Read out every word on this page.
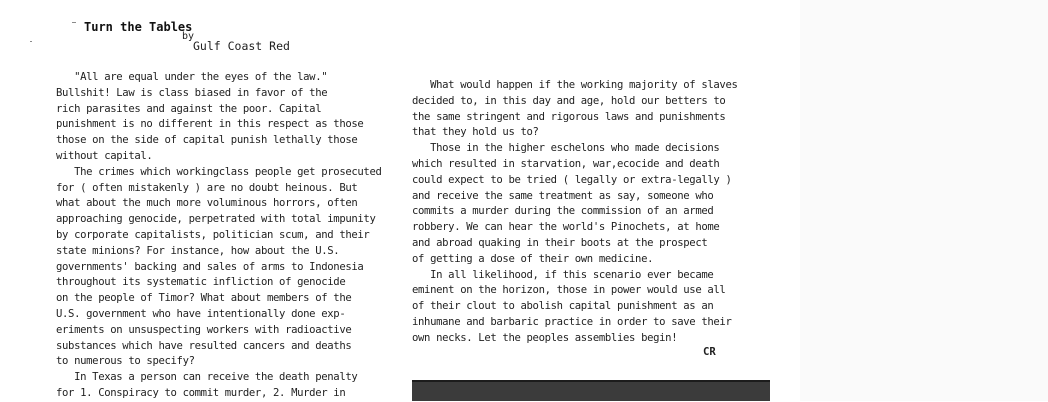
Turn the Tables
by
Gulf Coast Red
"All are equal under the eyes of the law."
Bullshit! Law is class biased in favor of the
rich parasites and against the poor. Capital
punishment is no different in this respect as those
those on the side of capital punish lethally those
without capital.
The crimes which workingclass people get prosecuted
for ( often mistakenly ) are no doubt heinous. But
what about the much more voluminous horrors, often
approaching genocide, perpetrated with total impunity
by corporate capitalists, politician scum, and their
state minions? For instance, how about the U.S.
governments' backing and sales of arms to Indonesia
throughout its systematic infliction of genocide
on the people of Timor? What about members of the
U.S. government who have intentionally done exp-
eriments on unsuspecting workers with radioactive
substances which have resulted cancers and deaths
to numerous to specify?
In Texas a person can receive the death penalty
for 1. Conspiracy to commit murder, 2. Murder in
What would happen if the working majority of slaves
decided to, in this day and age, hold our betters to
the same stringent and rigorous laws and punishments
that they hold us to?
Those in the higher eschelons who made decisions
which resulted in starvation, war,ecocide and death
could expect to be tried ( legally or extra-legally )
and receive the same treatment as say, someone who
commits a murder during the commission of an armed
robbery. We can hear the world's Pinochets, at home
and abroad quaking in their boots at the prospect
of getting a dose of their own medicine.
In all likelihood, if this scenario ever became
eminent on the horizon, those in power would use all
of their clout to abolish capital punishment as an
inhumane and barbaric practice in order to save their
own necks. Let the peoples assemblies begin!
CR
